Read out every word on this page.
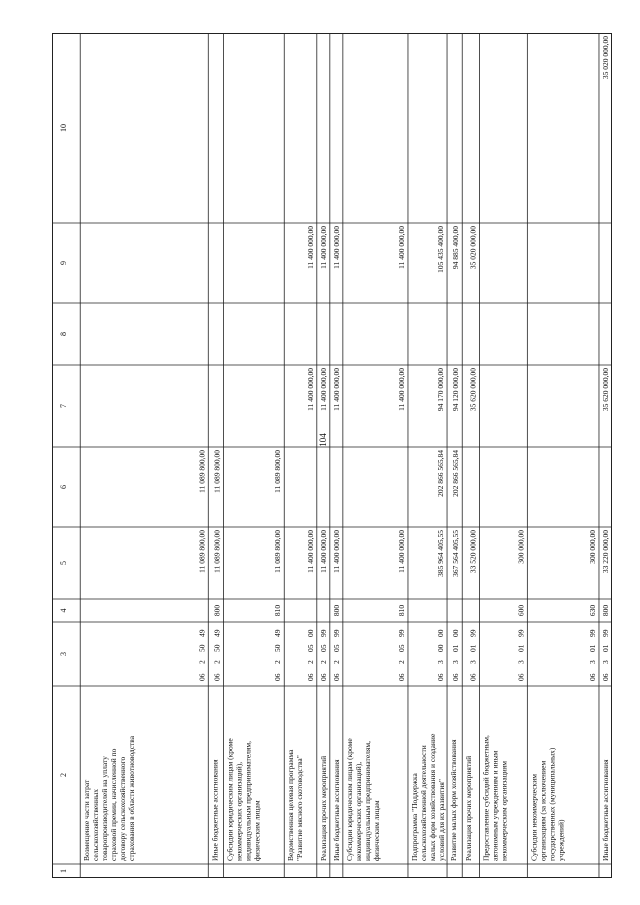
104
1
2
3
4
5
6
7
8
9
10
Возмещение части затрат сельскохозяйственных товаропроизводителей на уплату страховой премии, начисленной по договору сельскохозяйственного страхования в области животноводства
06
2
50
49
11 089 800,00
11 089 800,00
Иные бюджетные ассигнования
06
2
50
49
800
11 089 800,00
11 089 800,00
Субсидии юридическим лицам (кроме некоммерческих организаций), индивидуальным предпринимателям, физическим лицам
06
2
50
49
810
11 089 800,00
11 089 800,00
Ведомственная целевая программа "Развитие мясного скотоводства"
06
2
05
00
11 400 000,00
11 400 000,00
11 400 000,00
Реализация прочих мероприятий
06
2
05
99
11 400 000,00
11 400 000,00
11 400 000,00
Иные бюджетные ассигнования
06
2
05
99
800
11 400 000,00
11 400 000,00
11 400 000,00
Субсидии юридическим лицам (кроме некоммерческих организаций), индивидуальным предпринимателям, физическим лицам
06
2
05
99
810
11 400 000,00
11 400 000,00
11 400 000,00
Подпрограмма "Поддержка сельскохозяйственной деятельности малых форм хозяйствования и создание условий для их развития"
06
3
00
00
385 964 405,55
202 866 565,84
94 170 000,00
105 435 400,00
Развитие малых форм хозяйствования
06
3
01
00
367 564 405,55
202 866 565,84
94 120 000,00
94 885 400,00
Реализация прочих мероприятий
06
3
01
99
33 520 000,00
35 620 000,00
35 020 000,00
Предоставление субсидий бюджетным, автономным учреждениям и иным некоммерческим организациям
06
3
01
99
600
300 000,00
Субсидии некоммерческим организациям (за исключением государственных (муниципальных) учреждений)
06
3
01
99
630
300 000,00
Иные бюджетные ассигнования
06
3
01
99
800
33 220 000,00
35 620 000,00
35 020 000,00
